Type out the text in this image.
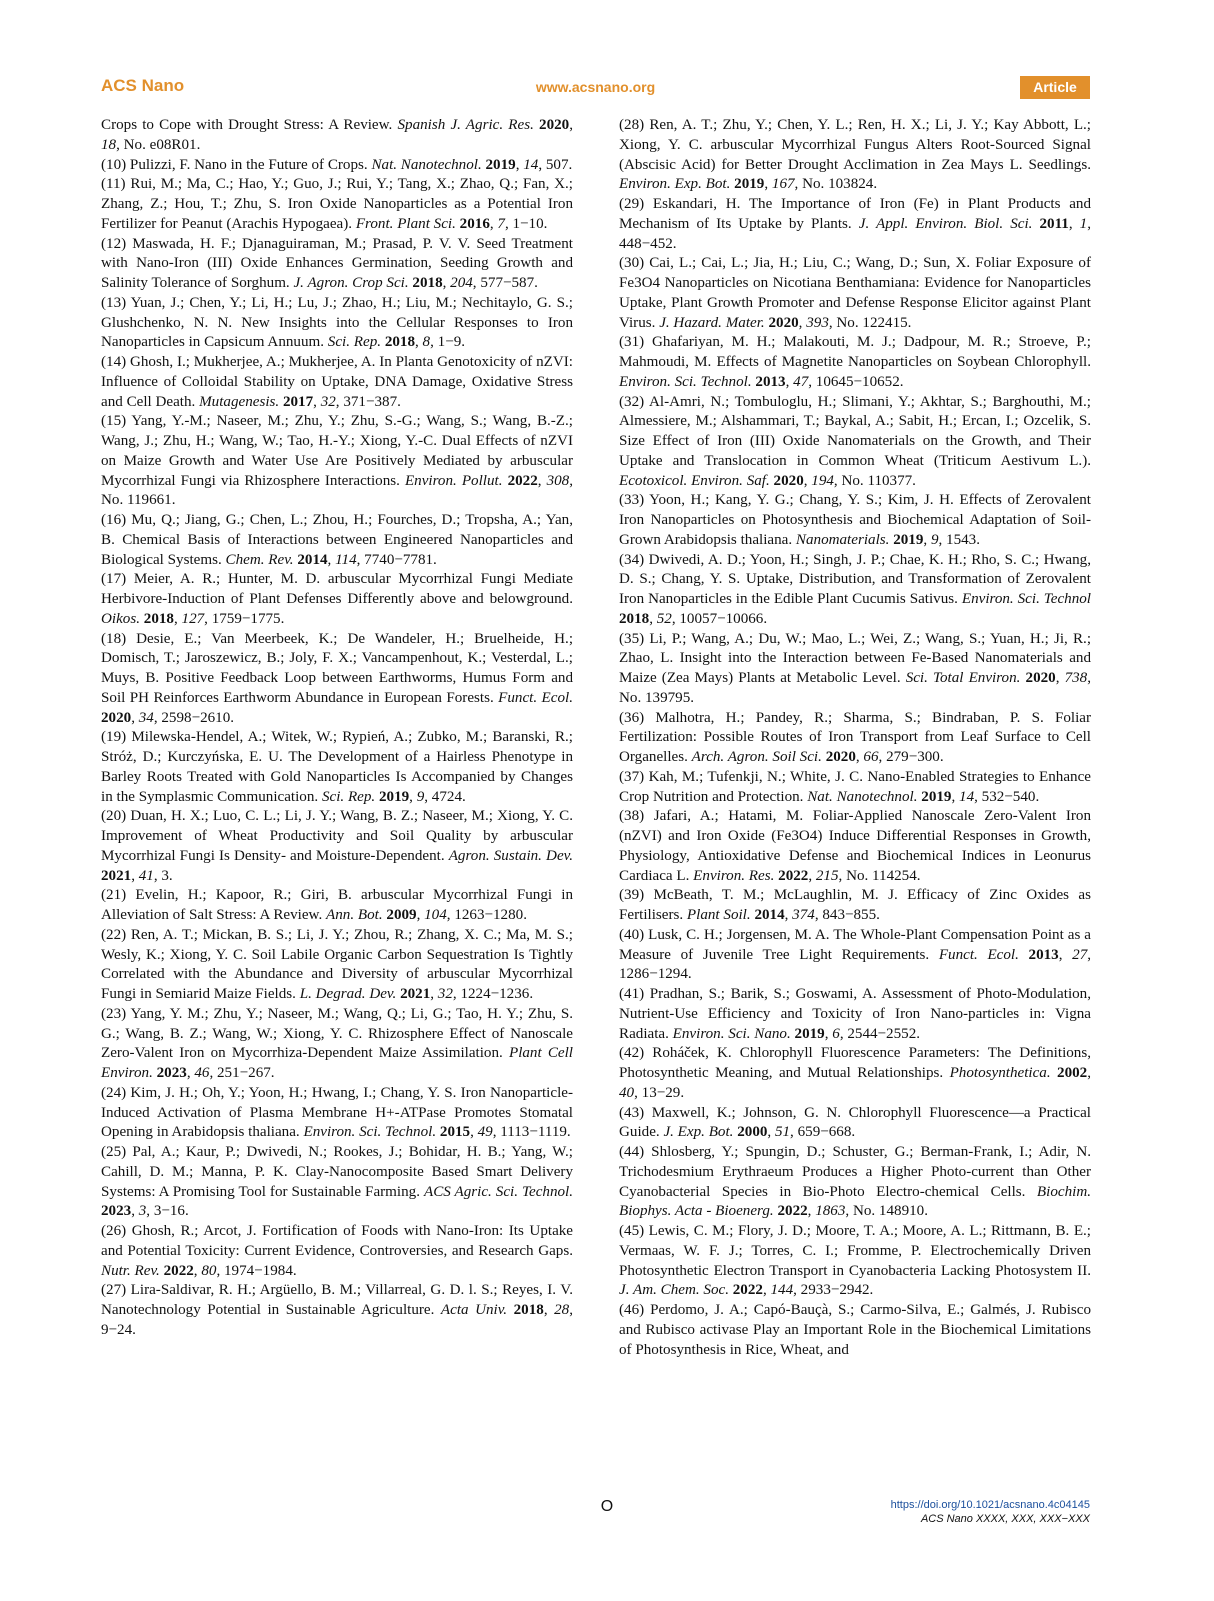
ACS Nano	www.acsnano.org	Article

Crops to Cope with Drought Stress: A Review. Spanish J. Agric. Res. 2020, 18, No. e08R01.

(10) Pulizzi, F. Nano in the Future of Crops. Nat. Nanotechnol. 2019, 14, 507.

(11) Rui, M.; Ma, C.; Hao, Y.; Guo, J.; Rui, Y.; Tang, X.; Zhao, Q.; Fan, X.; Zhang, Z.; Hou, T.; Zhu, S. Iron Oxide Nanoparticles as a Potential Iron Fertilizer for Peanut (Arachis Hypogaea). Front. Plant Sci. 2016, 7, 1−10.

(12) Maswada, H. F.; Djanaguiraman, M.; Prasad, P. V. V. Seed Treatment with Nano-Iron (III) Oxide Enhances Germination, Seeding Growth and Salinity Tolerance of Sorghum. J. Agron. Crop Sci. 2018, 204, 577−587.

(13) Yuan, J.; Chen, Y.; Li, H.; Lu, J.; Zhao, H.; Liu, M.; Nechitaylo, G. S.; Glushchenko, N. N. New Insights into the Cellular Responses to Iron Nanoparticles in Capsicum Annuum. Sci. Rep. 2018, 8, 1−9.

(14) Ghosh, I.; Mukherjee, A.; Mukherjee, A. In Planta Genotoxicity of nZVI: Influence of Colloidal Stability on Uptake, DNA Damage, Oxidative Stress and Cell Death. Mutagenesis. 2017, 32, 371−387.

(15) Yang, Y.-M.; Naseer, M.; Zhu, Y.; Zhu, S.-G.; Wang, S.; Wang, B.-Z.; Wang, J.; Zhu, H.; Wang, W.; Tao, H.-Y.; Xiong, Y.-C. Dual Effects of nZVI on Maize Growth and Water Use Are Positively Mediated by arbuscular Mycorrhizal Fungi via Rhizosphere Interactions. Environ. Pollut. 2022, 308, No. 119661.

(16) Mu, Q.; Jiang, G.; Chen, L.; Zhou, H.; Fourches, D.; Tropsha, A.; Yan, B. Chemical Basis of Interactions between Engineered Nanoparticles and Biological Systems. Chem. Rev. 2014, 114, 7740−7781.

(17) Meier, A. R.; Hunter, M. D. arbuscular Mycorrhizal Fungi Mediate Herbivore-Induction of Plant Defenses Differently above and belowground. Oikos. 2018, 127, 1759−1775.

(18) Desie, E.; Van Meerbeek, K.; De Wandeler, H.; Bruelheide, H.; Domisch, T.; Jaroszewicz, B.; Joly, F. X.; Vancampenhout, K.; Vesterdal, L.; Muys, B. Positive Feedback Loop between Earthworms, Humus Form and Soil PH Reinforces Earthworm Abundance in European Forests. Funct. Ecol. 2020, 34, 2598−2610.

(19) Milewska-Hendel, A.; Witek, W.; Rypień, A.; Zubko, M.; Baranski, R.; Stróż, D.; Kurczyńska, E. U. The Development of a Hairless Phenotype in Barley Roots Treated with Gold Nanoparticles Is Accompanied by Changes in the Symplasmic Communication. Sci. Rep. 2019, 9, 4724.

(20) Duan, H. X.; Luo, C. L.; Li, J. Y.; Wang, B. Z.; Naseer, M.; Xiong, Y. C. Improvement of Wheat Productivity and Soil Quality by arbuscular Mycorrhizal Fungi Is Density- and Moisture-Dependent. Agron. Sustain. Dev. 2021, 41, 3.

(21) Evelin, H.; Kapoor, R.; Giri, B. arbuscular Mycorrhizal Fungi in Alleviation of Salt Stress: A Review. Ann. Bot. 2009, 104, 1263−1280.

(22) Ren, A. T.; Mickan, B. S.; Li, J. Y.; Zhou, R.; Zhang, X. C.; Ma, M. S.; Wesly, K.; Xiong, Y. C. Soil Labile Organic Carbon Sequestration Is Tightly Correlated with the Abundance and Diversity of arbuscular Mycorrhizal Fungi in Semiarid Maize Fields. L. Degrad. Dev. 2021, 32, 1224−1236.

(23) Yang, Y. M.; Zhu, Y.; Naseer, M.; Wang, Q.; Li, G.; Tao, H. Y.; Zhu, S. G.; Wang, B. Z.; Wang, W.; Xiong, Y. C. Rhizosphere Effect of Nanoscale Zero-Valent Iron on Mycorrhiza-Dependent Maize Assimilation. Plant Cell Environ. 2023, 46, 251−267.

(24) Kim, J. H.; Oh, Y.; Yoon, H.; Hwang, I.; Chang, Y. S. Iron Nanoparticle-Induced Activation of Plasma Membrane H+-ATPase Promotes Stomatal Opening in Arabidopsis thaliana. Environ. Sci. Technol. 2015, 49, 1113−1119.

(25) Pal, A.; Kaur, P.; Dwivedi, N.; Rookes, J.; Bohidar, H. B.; Yang, W.; Cahill, D. M.; Manna, P. K. Clay-Nanocomposite Based Smart Delivery Systems: A Promising Tool for Sustainable Farming. ACS Agric. Sci. Technol. 2023, 3, 3−16.

(26) Ghosh, R.; Arcot, J. Fortification of Foods with Nano-Iron: Its Uptake and Potential Toxicity: Current Evidence, Controversies, and Research Gaps. Nutr. Rev. 2022, 80, 1974−1984.

(27) Lira-Saldivar, R. H.; Argüello, B. M.; Villarreal, G. D. l. S.; Reyes, I. V. Nanotechnology Potential in Sustainable Agriculture. Acta Univ. 2018, 28, 9−24.

(28) Ren, A. T.; Zhu, Y.; Chen, Y. L.; Ren, H. X.; Li, J. Y.; Kay Abbott, L.; Xiong, Y. C. arbuscular Mycorrhizal Fungus Alters Root-Sourced Signal (Abscisic Acid) for Better Drought Acclimation in Zea Mays L. Seedlings. Environ. Exp. Bot. 2019, 167, No. 103824.

(29) Eskandari, H. The Importance of Iron (Fe) in Plant Products and Mechanism of Its Uptake by Plants. J. Appl. Environ. Biol. Sci. 2011, 1, 448−452.

(30) Cai, L.; Cai, L.; Jia, H.; Liu, C.; Wang, D.; Sun, X. Foliar Exposure of Fe3O4 Nanoparticles on Nicotiana Benthamiana: Evidence for Nanoparticles Uptake, Plant Growth Promoter and Defense Response Elicitor against Plant Virus. J. Hazard. Mater. 2020, 393, No. 122415.

(31) Ghafariyan, M. H.; Malakouti, M. J.; Dadpour, M. R.; Stroeve, P.; Mahmoudi, M. Effects of Magnetite Nanoparticles on Soybean Chlorophyll. Environ. Sci. Technol. 2013, 47, 10645−10652.

(32) Al-Amri, N.; Tombuloglu, H.; Slimani, Y.; Akhtar, S.; Barghouthi, M.; Almessiere, M.; Alshammari, T.; Baykal, A.; Sabit, H.; Ercan, I.; Ozcelik, S. Size Effect of Iron (III) Oxide Nanomaterials on the Growth, and Their Uptake and Translocation in Common Wheat (Triticum Aestivum L.). Ecotoxicol. Environ. Saf. 2020, 194, No. 110377.

(33) Yoon, H.; Kang, Y. G.; Chang, Y. S.; Kim, J. H. Effects of Zerovalent Iron Nanoparticles on Photosynthesis and Biochemical Adaptation of Soil-Grown Arabidopsis thaliana. Nanomaterials. 2019, 9, 1543.

(34) Dwivedi, A. D.; Yoon, H.; Singh, J. P.; Chae, K. H.; Rho, S. C.; Hwang, D. S.; Chang, Y. S. Uptake, Distribution, and Transformation of Zerovalent Iron Nanoparticles in the Edible Plant Cucumis Sativus. Environ. Sci. Technol 2018, 52, 10057−10066.

(35) Li, P.; Wang, A.; Du, W.; Mao, L.; Wei, Z.; Wang, S.; Yuan, H.; Ji, R.; Zhao, L. Insight into the Interaction between Fe-Based Nanomaterials and Maize (Zea Mays) Plants at Metabolic Level. Sci. Total Environ. 2020, 738, No. 139795.

(36) Malhotra, H.; Pandey, R.; Sharma, S.; Bindraban, P. S. Foliar Fertilization: Possible Routes of Iron Transport from Leaf Surface to Cell Organelles. Arch. Agron. Soil Sci. 2020, 66, 279−300.

(37) Kah, M.; Tufenkji, N.; White, J. C. Nano-Enabled Strategies to Enhance Crop Nutrition and Protection. Nat. Nanotechnol. 2019, 14, 532−540.

(38) Jafari, A.; Hatami, M. Foliar-Applied Nanoscale Zero-Valent Iron (nZVI) and Iron Oxide (Fe3O4) Induce Differential Responses in Growth, Physiology, Antioxidative Defense and Biochemical Indices in Leonurus Cardiaca L. Environ. Res. 2022, 215, No. 114254.

(39) McBeath, T. M.; McLaughlin, M. J. Efficacy of Zinc Oxides as Fertilisers. Plant Soil. 2014, 374, 843−855.

(40) Lusk, C. H.; Jorgensen, M. A. The Whole-Plant Compensation Point as a Measure of Juvenile Tree Light Requirements. Funct. Ecol. 2013, 27, 1286−1294.

(41) Pradhan, S.; Barik, S.; Goswami, A. Assessment of Photo-Modulation, Nutrient-Use Efficiency and Toxicity of Iron Nano-particles in: Vigna Radiata. Environ. Sci. Nano. 2019, 6, 2544−2552.

(42) Roháček, K. Chlorophyll Fluorescence Parameters: The Definitions, Photosynthetic Meaning, and Mutual Relationships. Photosynthetica. 2002, 40, 13−29.

(43) Maxwell, K.; Johnson, G. N. Chlorophyll Fluorescence—a Practical Guide. J. Exp. Bot. 2000, 51, 659−668.

(44) Shlosberg, Y.; Spungin, D.; Schuster, G.; Berman-Frank, I.; Adir, N. Trichodesmium Erythraeum Produces a Higher Photo-current than Other Cyanobacterial Species in Bio-Photo Electro-chemical Cells. Biochim. Biophys. Acta - Bioenerg. 2022, 1863, No. 148910.

(45) Lewis, C. M.; Flory, J. D.; Moore, T. A.; Moore, A. L.; Rittmann, B. E.; Vermaas, W. F. J.; Torres, C. I.; Fromme, P. Electrochemically Driven Photosynthetic Electron Transport in Cyanobacteria Lacking Photosystem II. J. Am. Chem. Soc. 2022, 144, 2933−2942.

(46) Perdomo, J. A.; Capó-Bauçà, S.; Carmo-Silva, E.; Galmés, J. Rubisco and Rubisco activase Play an Important Role in the Biochemical Limitations of Photosynthesis in Rice, Wheat, and

O	https://doi.org/10.1021/acsnano.4c04145
ACS Nano XXXX, XXX, XXX−XXX
